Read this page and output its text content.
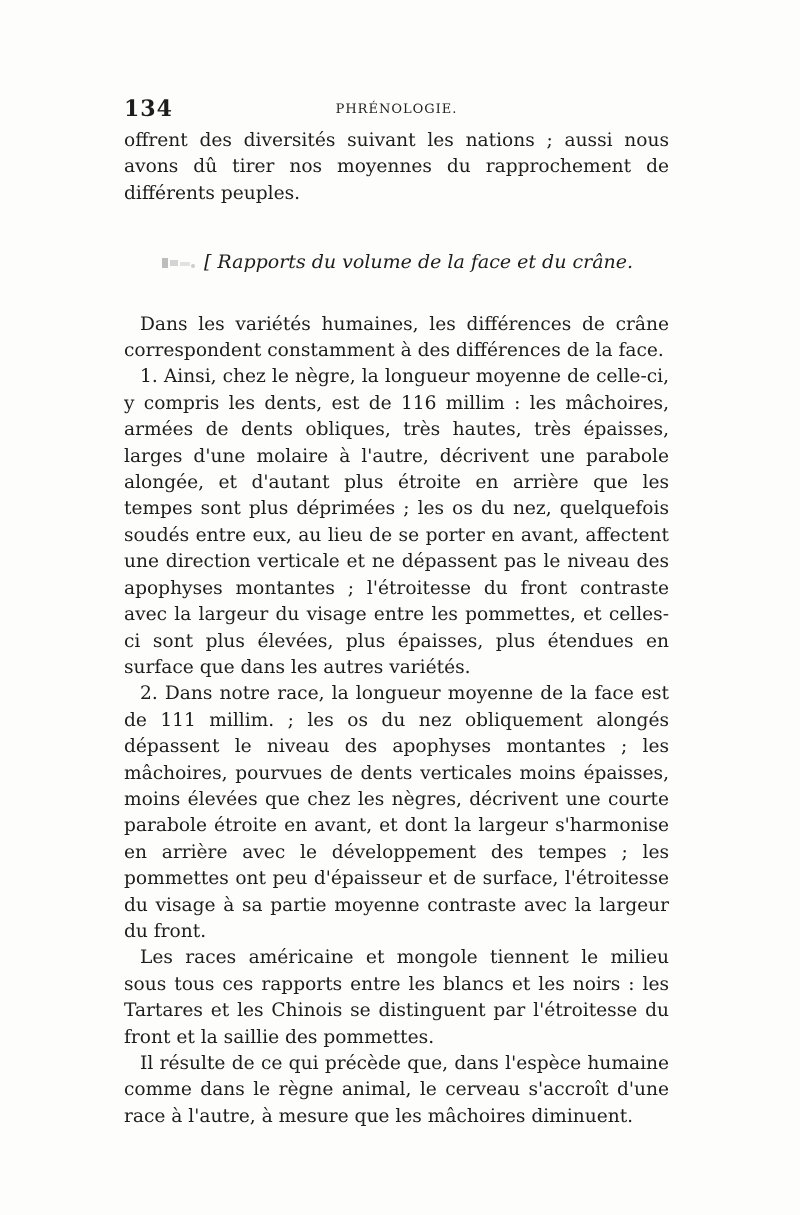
134	PHRÉNOLOGIE.

offrent des diversités suivant les nations ; aussi nous avons dû tirer nos moyennes du rapprochement de différents peuples.

[ Rapports du volume de la face et du crâne.

Dans les variétés humaines, les différences de crâne correspondent constamment à des différences de la face.

1. Ainsi, chez le nègre, la longueur moyenne de celle-ci, y compris les dents, est de 116 millim : les mâchoires, armées de dents obliques, très hautes, très épaisses, larges d'une molaire à l'autre, décrivent une parabole alongée, et d'autant plus étroite en arrière que les tempes sont plus déprimées ; les os du nez, quelquefois soudés entre eux, au lieu de se porter en avant, affectent une direction verticale et ne dépassent pas le niveau des apophyses montantes ; l'étroitesse du front contraste avec la largeur du visage entre les pommettes, et celles-ci sont plus élevées, plus épaisses, plus étendues en surface que dans les autres variétés.

2. Dans notre race, la longueur moyenne de la face est de 111 millim. ; les os du nez obliquement alongés dépassent le niveau des apophyses montantes ; les mâchoires, pourvues de dents verticales moins épaisses, moins élevées que chez les nègres, décrivent une courte parabole étroite en avant, et dont la largeur s'harmonise en arrière avec le développement des tempes ; les pommettes ont peu d'épaisseur et de surface, l'étroitesse du visage à sa partie moyenne contraste avec la largeur du front.

Les races américaine et mongole tiennent le milieu sous tous ces rapports entre les blancs et les noirs : les Tartares et les Chinois se distinguent par l'étroitesse du front et la saillie des pommettes.

Il résulte de ce qui précède que, dans l'espèce humaine comme dans le règne animal, le cerveau s'accroît d'une race à l'autre, à mesure que les mâchoires diminuent.
